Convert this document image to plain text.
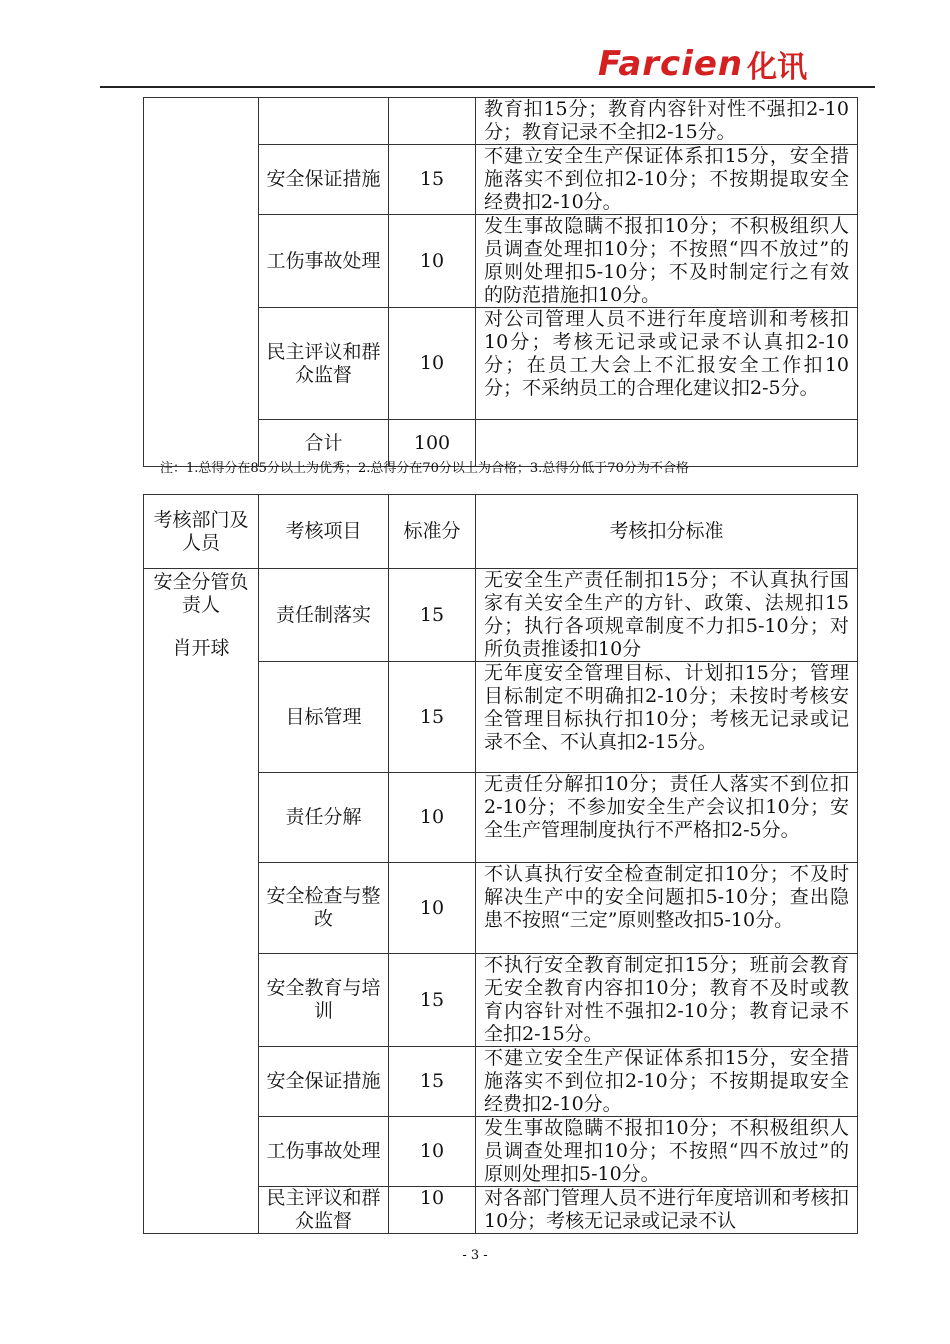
Farcien 化讯
			教育扣15分；教育内容针对性不强扣2-10分；教育记录不全扣2-15分。
	安全保证措施	15	不建立安全生产保证体系扣15分，安全措施落实不到位扣2-10分；不按期提取安全经费扣2-10分。
	工伤事故处理	10	发生事故隐瞒不报扣10分；不积极组织人员调查处理扣10分；不按照“四不放过”的原则处理扣5-10分；不及时制定行之有效的防范措施扣10分。
	民主评议和群众监督	10	对公司管理人员不进行年度培训和考核扣10分；考核无记录或记录不认真扣2-10分；在员工大会上不汇报安全工作扣10分；不采纳员工的合理化建议扣2-5分。
	合计	100	
注：1.总得分在85分以上为优秀；2.总得分在70分以上为合格；3.总得分低于70分为不合格
考核部门及人员	考核项目	标准分	考核扣分标准

安全分管负责人
肖开球	责任制落实	15	无安全生产责任制扣15分；不认真执行国家有关安全生产的方针、政策、法规扣15分；执行各项规章制度不力扣5-10分；对所负责推诿扣10分
	目标管理	15	无年度安全管理目标、计划扣15分；管理目标制定不明确扣2-10分；未按时考核安全管理目标执行扣10分；考核无记录或记录不全、不认真扣2-15分。
	责任分解	10	无责任分解扣10分；责任人落实不到位扣2-10分；不参加安全生产会议扣10分；安全生产管理制度执行不严格扣2-5分。
	安全检查与整改	10	不认真执行安全检查制定扣10分；不及时解决生产中的安全问题扣5-10分；查出隐患不按照“三定”原则整改扣5-10分。
	安全教育与培训	15	不执行安全教育制定扣15分；班前会教育无安全教育内容扣10分；教育不及时或教育内容针对性不强扣2-10分；教育记录不全扣2-15分。
	安全保证措施	15	不建立安全生产保证体系扣15分，安全措施落实不到位扣2-10分；不按期提取安全经费扣2-10分。
	工伤事故处理	10	发生事故隐瞒不报扣10分；不积极组织人员调查处理扣10分；不按照“四不放过”的原则处理扣5-10分。
	民主评议和群众监督	10	对各部门管理人员不进行年度培训和考核扣10分；考核无记录或记录不认
- 3 -
